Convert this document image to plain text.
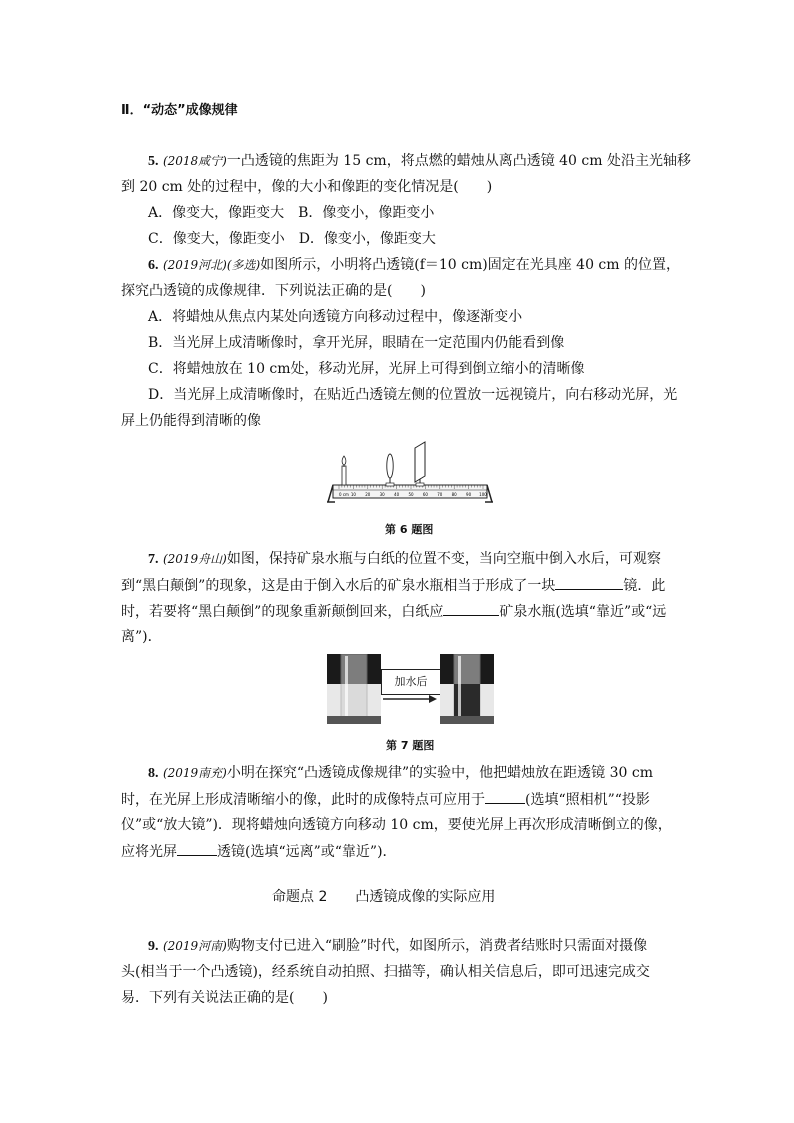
Ⅱ．“动态”成像规律
5. (2018咸宁)一凸透镜的焦距为 15 cm，将点燃的蜡烛从离凸透镜 40 cm 处沿主光轴移
到 20 cm 处的过程中，像的大小和像距的变化情况是(　　)
A．像变大，像距变大　B．像变小，像距变小
C．像变大，像距变小　D．像变小，像距变大
6. (2019河北)(多选)如图所示，小明将凸透镜(f＝10 cm)固定在光具座 40 cm 的位置，
探究凸透镜的成像规律．下列说法正确的是(　　)
A．将蜡烛从焦点内某处向透镜方向移动过程中，像逐渐变小
B．当光屏上成清晰像时，拿开光屏，眼睛在一定范围内仍能看到像
C．将蜡烛放在 10 cm处，移动光屏，光屏上可得到倒立缩小的清晰像
D．当光屏上成清晰像时，在贴近凸透镜左侧的位置放一远视镜片，向右移动光屏，光
屏上仍能得到清晰的像
0 cm 10 20 30 40 50 60 70 80 90 100
第 6 题图
7. (2019舟山)如图，保持矿泉水瓶与白纸的位置不变，当向空瓶中倒入水后，可观察
到“黑白颠倒”的现象，这是由于倒入水后的矿泉水瓶相当于形成了一块	镜．此
时，若要将“黑白颠倒”的现象重新颠倒回来，白纸应	矿泉水瓶(选填“靠近”或“远
离”)．
加水后
第 7 题图
8. (2019南充)小明在探究“凸透镜成像规律”的实验中，他把蜡烛放在距透镜 30 cm
时，在光屏上形成清晰缩小的像，此时的成像特点可应用于	(选填“照相机”“投影
仪”或“放大镜”)．现将蜡烛向透镜方向移动 10 cm，要使光屏上再次形成清晰倒立的像，
应将光屏	透镜(选填“远离”或“靠近”)．
命题点 2　　凸透镜成像的实际应用
9. (2019河南)购物支付已进入“刷脸”时代，如图所示，消费者结账时只需面对摄像
头(相当于一个凸透镜)，经系统自动拍照、扫描等，确认相关信息后，即可迅速完成交
易．下列有关说法正确的是(　　)
